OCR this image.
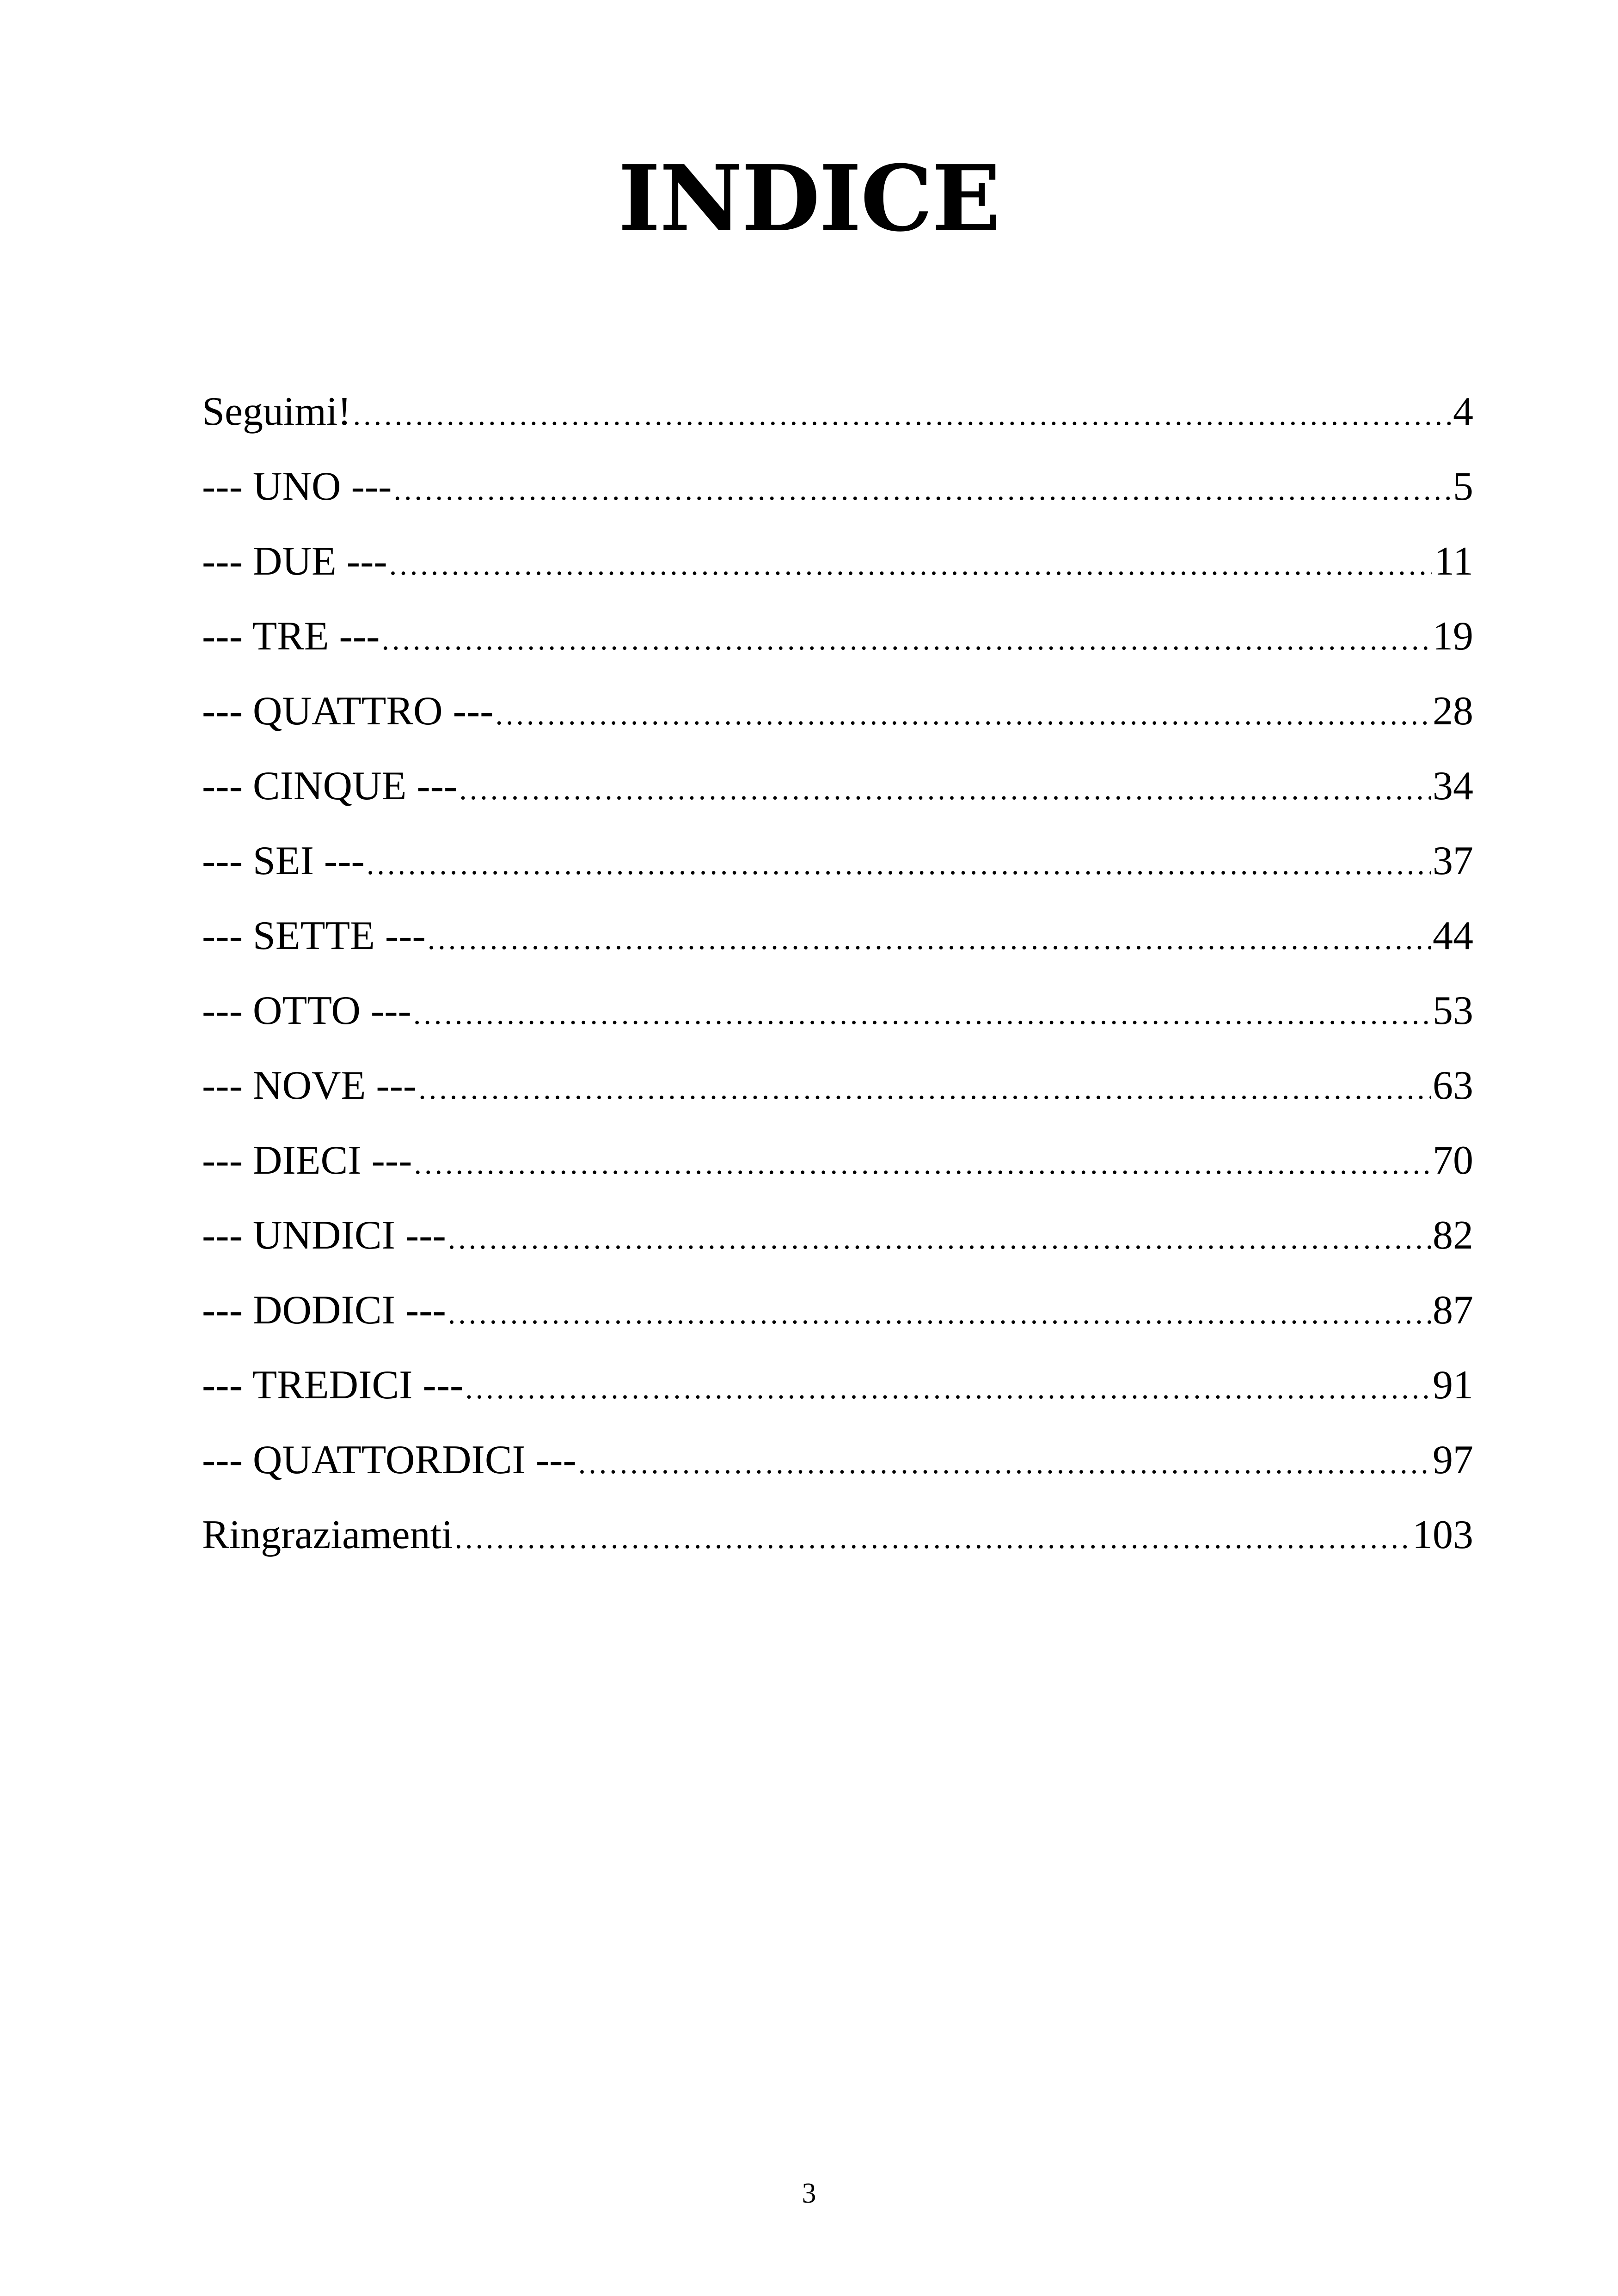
INDICE
Seguimi! .....	4
--- UNO --- .....	5
--- DUE --- .....	11
--- TRE --- .....	19
--- QUATTRO --- .....	28
--- CINQUE --- .....	34
--- SEI --- .....	37
--- SETTE --- .....	44
--- OTTO --- .....	53
--- NOVE --- .....	63
--- DIECI --- .....	70
--- UNDICI --- .....	82
--- DODICI --- .....	87
--- TREDICI --- .....	91
--- QUATTORDICI --- .....	97
Ringraziamenti .....	103
3
